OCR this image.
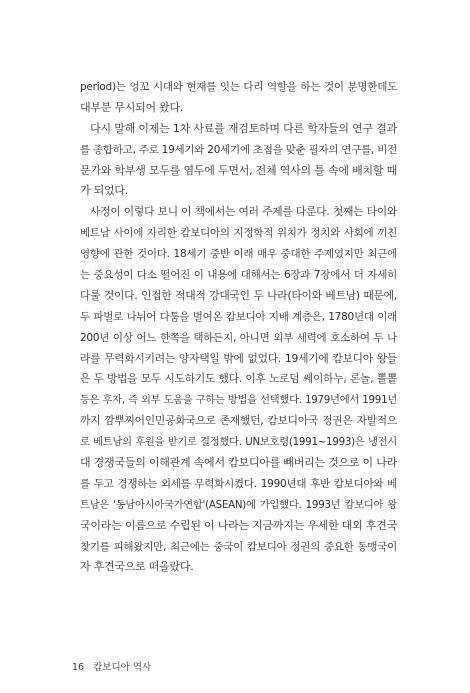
period)는 엉꼬 시대와 현재를 잇는 다리 역할을 하는 것이 분명한데도
대부분 무시되어 왔다.
다시 말해 이제는 1차 사료를 재검토하며 다른 학자들의 연구 결과
를 종합하고, 주로 19세기와 20세기에 초점을 맞춘 필자의 연구를, 비전
문가와 학부생 모두를 염두에 두면서, 전체 역사의 틀 속에 배치할 때
가 되었다.
사정이 이렇다 보니 이 책에서는 여러 주제를 다룬다. 첫째는 타이와
베트남 사이에 자리한 캄보디아의 지정학적 위치가 정치와 사회에 끼친
영향에 관한 것이다. 18세기 중반 이래 매우 중대한 주제였지만 최근에
는 중요성이 다소 떨어진 이 내용에 대해서는 6장과 7장에서 더 자세히
다룰 것이다. 인접한 적대적 강대국인 두 나라(타이와 베트남) 때문에,
두 파벌로 나뉘어 다툼을 벌여온 캄보디아 지배 계층은, 1780년대 이래
200년 이상 어느 한쪽을 택하든지, 아니면 외부 세력에 호소하여 두 나
라를 무력화시키려는 양자택일 밖에 없었다. 19세기에 캄보디아 왕들
은 두 방법을 모두 시도하기도 했다. 이후 노로덤 쎄이하누, 론놀, 뽈뽙
등은 후자, 즉 외부 도움을 구하는 방법을 선택했다. 1979년에서 1991년
까지 깜뿌찌어인민공화국으로 존재했던, 캄보디아국 정권은 자발적으
로 베트남의 후원을 받기로 결정했다. UN보호령(1991~1993)은 냉전시
대 경쟁국들의 이해관계 속에서 캄보디아를 빼버리는 것으로 이 나라
를 두고 경쟁하는 외세를 무력화시켰다. 1990년대 후반 캄보디아와 베
트남은 '동남아시아국가연합'(ASEAN)에 가입했다. 1993년 캄보디아 왕
국이라는 이름으로 수립된 이 나라는 지금까지는 우세한 대외 후견국
찾기를 피해왔지만, 최근에는 중국이 캄보디아 정권의 중요한 동맹국이
자 후견국으로 떠올랐다.
16 캄보디아 역사
